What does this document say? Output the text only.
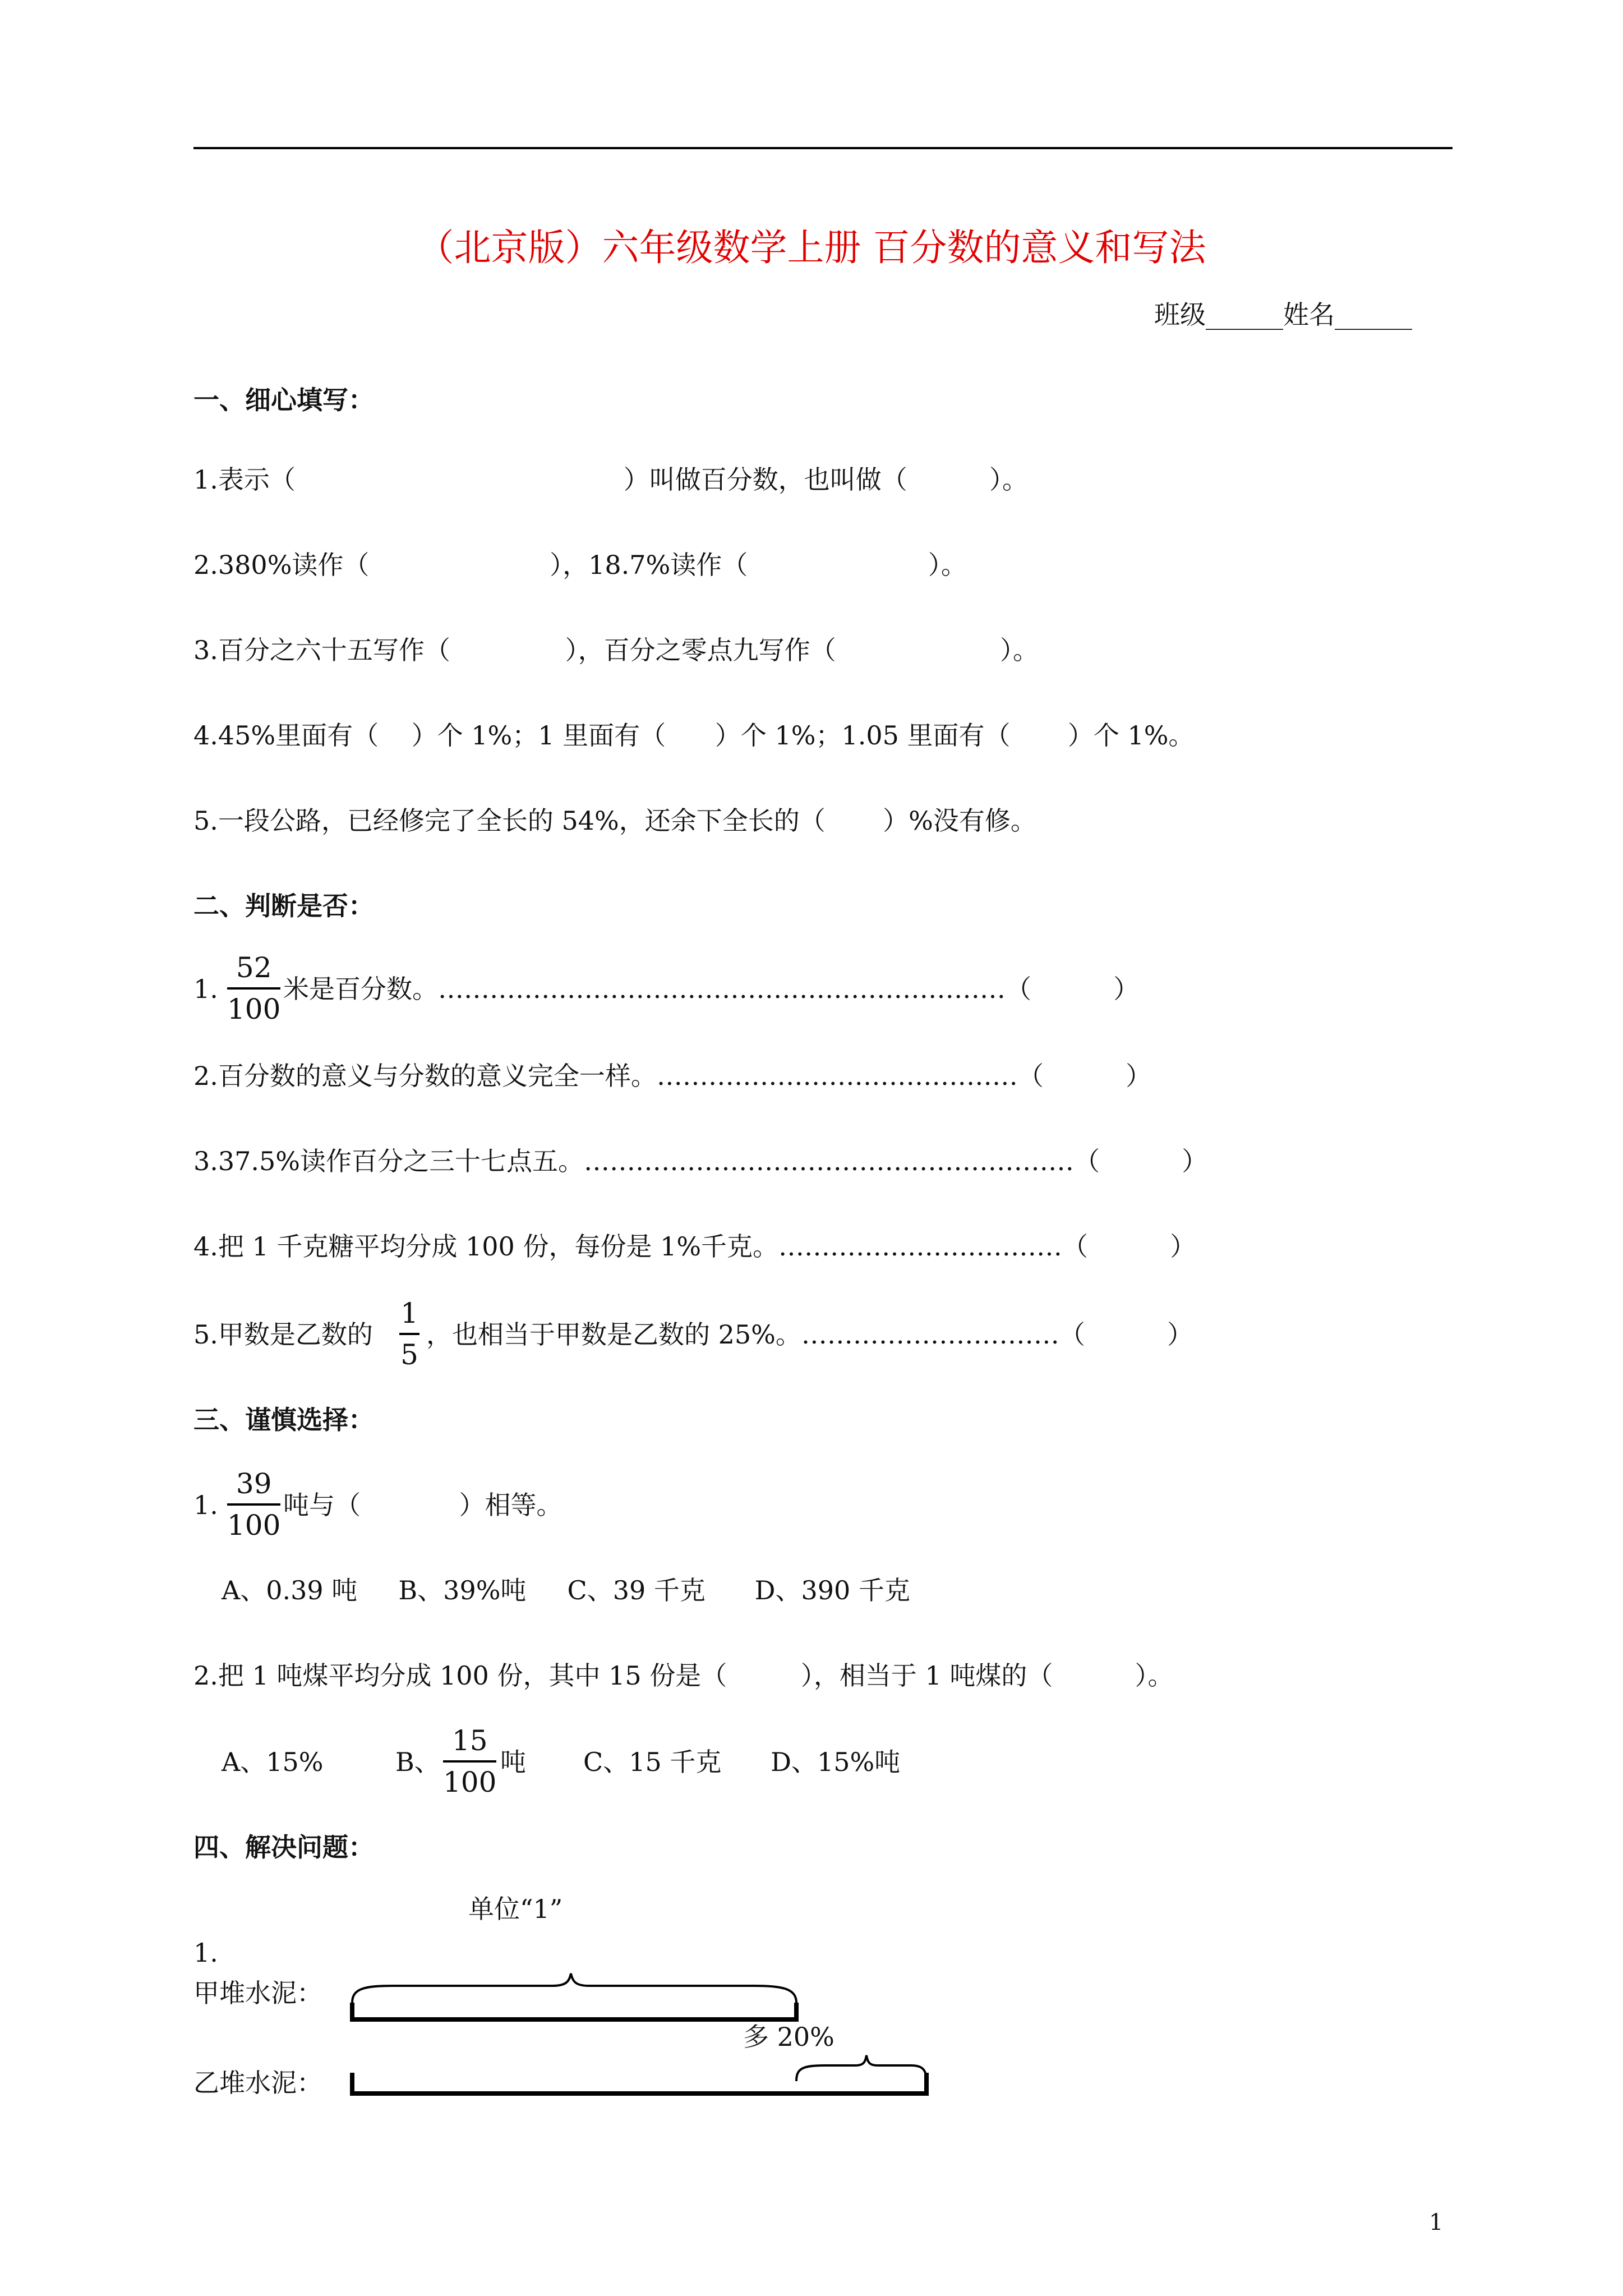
（北京版）六年级数学上册 百分数的意义和写法
班级______姓名______
一、细心填写：
1.表示（                                        ）叫做百分数，也叫做（          ）。
2.380%读作（                      ），18.7%读作（                      ）。
3.百分之六十五写作（              ），百分之零点九写作（                    ）。
4.45%里面有（    ）个 1%；1 里面有（      ）个 1%；1.05 里面有（       ）个 1%。
5.一段公路，已经修完了全长的 54%，还余下全长的（       ）%没有修。
二、判断是否：
1.
52
100
米是百分数。…………………………………………………………（          ）
2.百分数的意义与分数的意义完全一样。……………………………………（          ）
3.37.5%读作百分之三十七点五。…………………………………………………（          ）
4.把 1 千克糖平均分成 100 份，每份是 1%千克。……………………………（          ）
5.甲数是乙数的
1
5
，也相当于甲数是乙数的 25%。…………………………（          ）
三、谨慎选择：
1.
39
100
吨与（            ）相等。
A、0.39 吨     B、39%吨     C、39 千克      D、390 千克
2.把 1 吨煤平均分成 100 份，其中 15 份是（         ），相当于 1 吨煤的（          ）。
A、15%	B、
15
100
吨 C、15 千克      D、15%吨
四、解决问题：
单位“1”
1.
甲堆水泥：
多 20%
乙堆水泥：
1
